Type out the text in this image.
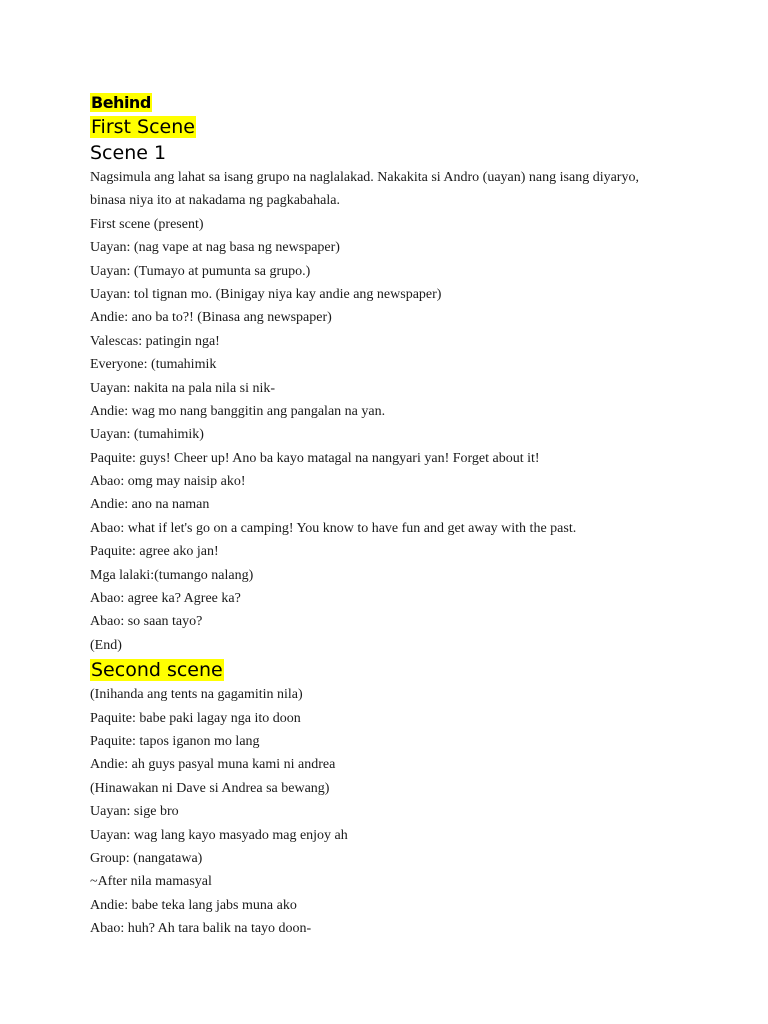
Behind
First Scene
Scene 1

Nagsimula ang lahat sa isang grupo na naglalakad. Nakakita si Andro (uayan) nang isang diyaryo,

binasa niya ito at nakadama ng pagkabahala.

First scene (present)

Uayan: (nag vape at nag basa ng newspaper)

Uayan: (Tumayo at pumunta sa grupo.)

Uayan: tol tignan mo. (Binigay niya kay andie ang newspaper)

Andie: ano ba to?! (Binasa ang newspaper)

Valescas: patingin nga!

Everyone: (tumahimik

Uayan: nakita na pala nila si nik-

Andie: wag mo nang banggitin ang pangalan na yan.

Uayan: (tumahimik)

Paquite: guys! Cheer up! Ano ba kayo matagal na nangyari yan! Forget about it!

Abao: omg may naisip ako!

Andie: ano na naman

Abao: what if let's go on a camping! You know to have fun and get away with the past.

Paquite: agree ako jan!

Mga lalaki:(tumango nalang)

Abao: agree ka? Agree ka?

Abao: so saan tayo?

(End)

Second scene

(Inihanda ang tents na gagamitin nila)

Paquite: babe paki lagay nga ito doon

Paquite: tapos iganon mo lang

Andie: ah guys pasyal muna kami ni andrea

(Hinawakan ni Dave si Andrea sa bewang)

Uayan: sige bro

Uayan: wag lang kayo masyado mag enjoy ah

Group: (nangatawa)

~After nila mamasyal

Andie: babe teka lang jabs muna ako

Abao: huh? Ah tara balik na tayo doon-
